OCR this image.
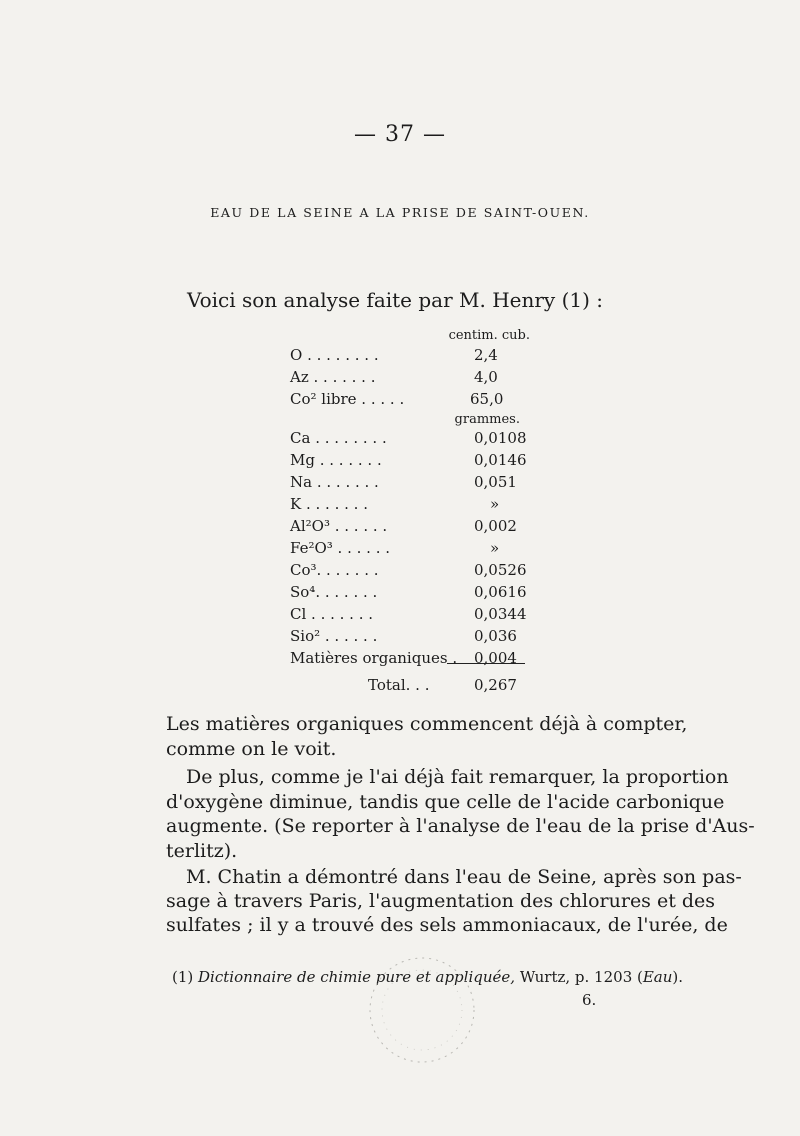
— 37 —
EAU DE LA SEINE A LA PRISE DE SAINT-OUEN.
Voici son analyse faite par M. Henry (1) :
centim. cub.
O . . . . . . . .	2,4
Az . . . . . . .	4,0
Co² libre . . . . .	65,0
grammes.
Ca . . . . . . . .	0,0108
Mg . . . . . . .	0,0146
Na . . . . . . .	0,051
K . . . . . . .	»
Al²O³ . . . . . .	0,002
Fe²O³ . . . . . .	»
Co³. . . . . . .	0,0526
So⁴. . . . . . .	0,0616
Cl . . . . . . .	0,0344
Sio² . . . . . .	0,036
Matières organiques . 0,004
Total. . .	0,267
Les matières organiques commencent déjà à compter,
comme on le voit.
De plus, comme je l'ai déjà fait remarquer, la proportion
d'oxygène diminue, tandis que celle de l'acide carbonique
augmente. (Se reporter à l'analyse de l'eau de la prise d'Aus-
terlitz).
M. Chatin a démontré dans l'eau de Seine, après son pas-
sage à travers Paris, l'augmentation des chlorures et des
sulfates ; il y a trouvé des sels ammoniacaux, de l'urée, de
(1) Dictionnaire de chimie pure et appliquée, Wurtz, p. 1203 (Eau).
6.
